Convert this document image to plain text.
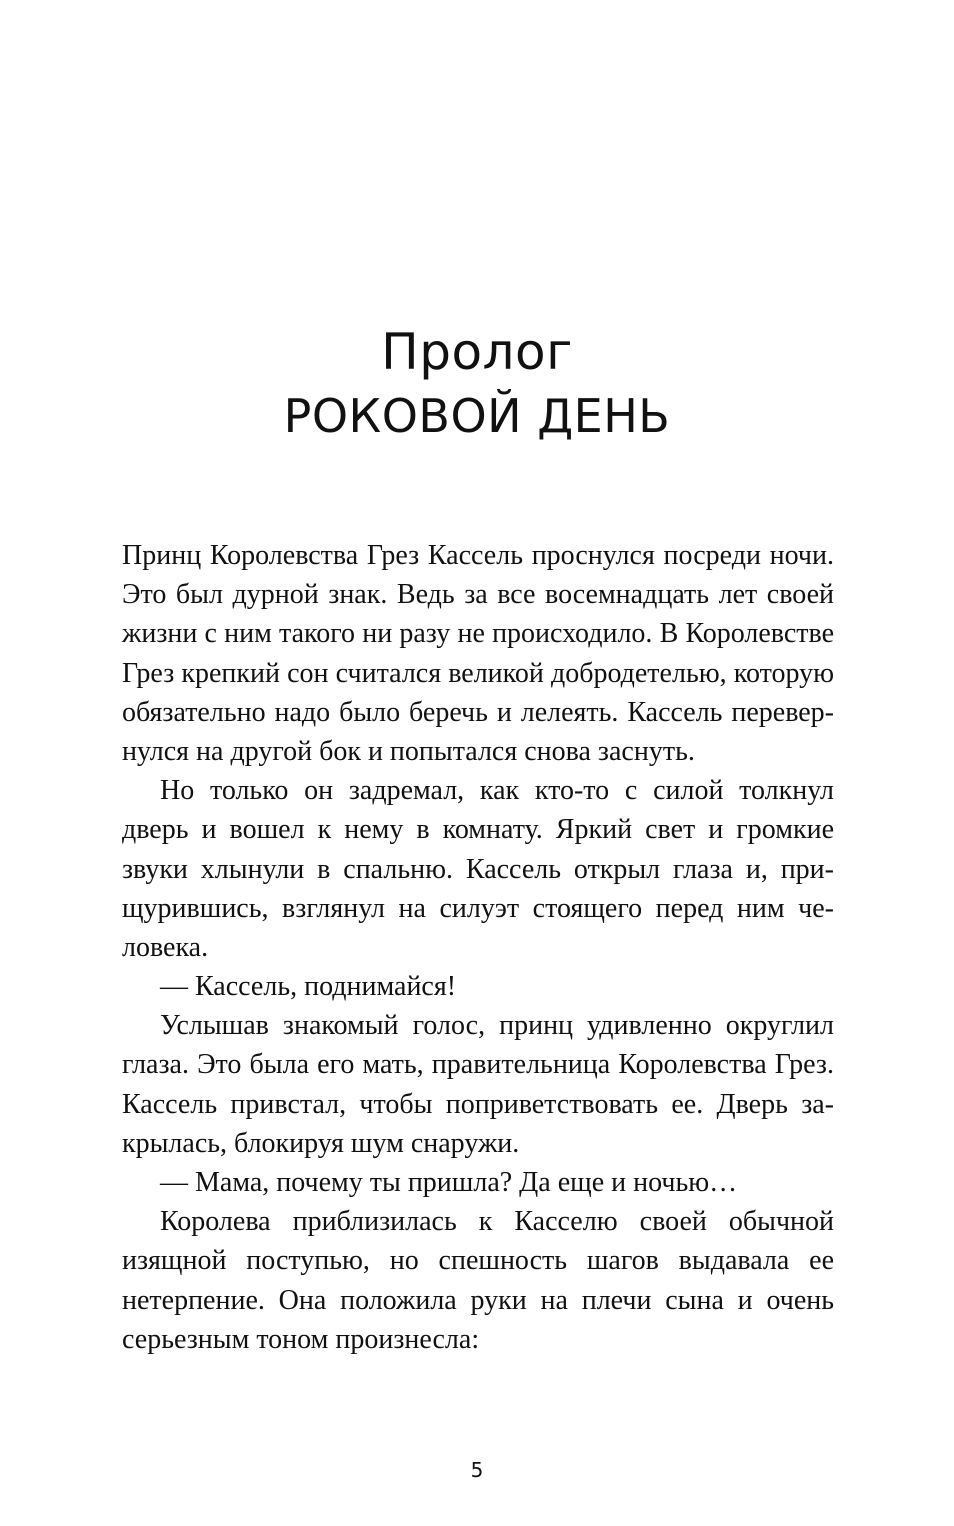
Пролог
РОКОВОЙ ДЕНЬ
Принц Королевства Грез Кассель проснулся посреди ночи.
Это был дурной знак. Ведь за все восемнадцать лет своей
жизни с ним такого ни разу не происходило. В Королевстве
Грез крепкий сон считался великой добродетелью, которую
обязательно надо было беречь и лелеять. Кассель перевер-
нулся на другой бок и попытался снова заснуть.
Но только он задремал, как кто-то с силой толкнул
дверь и вошел к нему в комнату. Яркий свет и громкие
звуки хлынули в спальню. Кассель открыл глаза и, при-
щурившись, взглянул на силуэт стоящего перед ним че-
ловека.
— Кассель, поднимайся!
Услышав знакомый голос, принц удивленно округлил
глаза. Это была его мать, правительница Королевства Грез.
Кассель привстал, чтобы поприветствовать ее. Дверь за-
крылась, блокируя шум снаружи.
— Мама, почему ты пришла? Да еще и ночью…
Королева приблизилась к Касселю своей обычной
изящной поступью, но спешность шагов выдавала ее
нетерпение. Она положила руки на плечи сына и очень
серьезным тоном произнесла:
5
